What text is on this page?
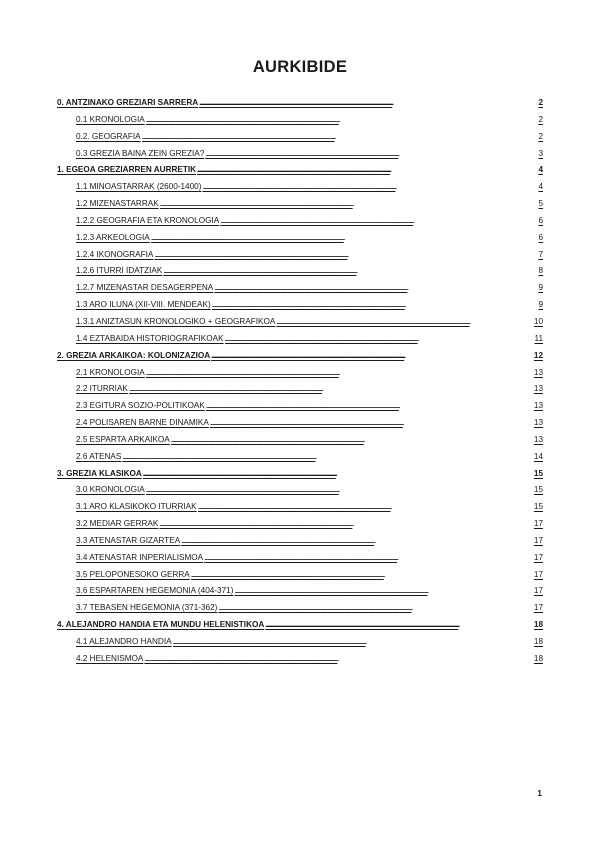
AURKIBIDE
0. ANTZINAKO GREZIARI SARRERA . . .	2
0.1 KRONOLOGIA . . .	2
0.2. GEOGRAFIA . . .	2
0.3 GREZIA BAINA ZEIN GREZIA? . . .	3
1. EGEOA GREZIARREN AURRETIK . . .	4
1.1 MINOASTARRAK (2600-1400) . . .	4
1.2 MIZENASTARRAK . . .	5
1.2.2 GEOGRAFIA ETA KRONOLOGIA . . .	6
1.2.3 ARKEOLOGIA . . .	6
1.2.4 IKONOGRAFIA . . .	7
1.2.6 ITURRI IDATZIAK . . .	8
1.2.7 MIZENASTAR DESAGERPENA . . .	9
1.3 ARO ILUNA (XII-VIII. MENDEAK) . . .	9
1.3.1 ANIZTASUN KRONOLOGIKO + GEOGRAFIKOA . . .	10
1.4 EZTABAIDA HISTORIOGRAFIKOAK . . .	11
2. GREZIA ARKAIKOA: KOLONIZAZIOA . . .	12
2.1 KRONOLOGIA . . .	13
2.2 ITURRIAK . . .	13
2.3 EGITURA SOZIO-POLITIKOAK . . .	13
2.4 POLISAREN BARNE DINAMIKA . . .	13
2.5 ESPARTA ARKAIKOA . . .	13
2.6 ATENAS . . .	14
3. GREZIA KLASIKOA . . .	15
3.0 KRONOLOGIA . . .	15
3.1 ARO KLASIKOKO ITURRIAK . . .	15
3.2 MEDIAR GERRAK . . .	17
3.3 ATENASTAR GIZARTEA . . .	17
3.4 ATENASTAR INPERIALISMOA . . .	17
3.5 PELOPONESOKO GERRA . . .	17
3.6 ESPARTAREN HEGEMONIA (404-371) . . .	17
3.7 TEBASEN HEGEMONIA (371-362) . . .	17
4. ALEJANDRO HANDIA ETA MUNDU HELENISTIKOA . . .	18
4.1 ALEJANDRO HANDIA . . .	18
4.2 HELENISMOA . . .	18
1
